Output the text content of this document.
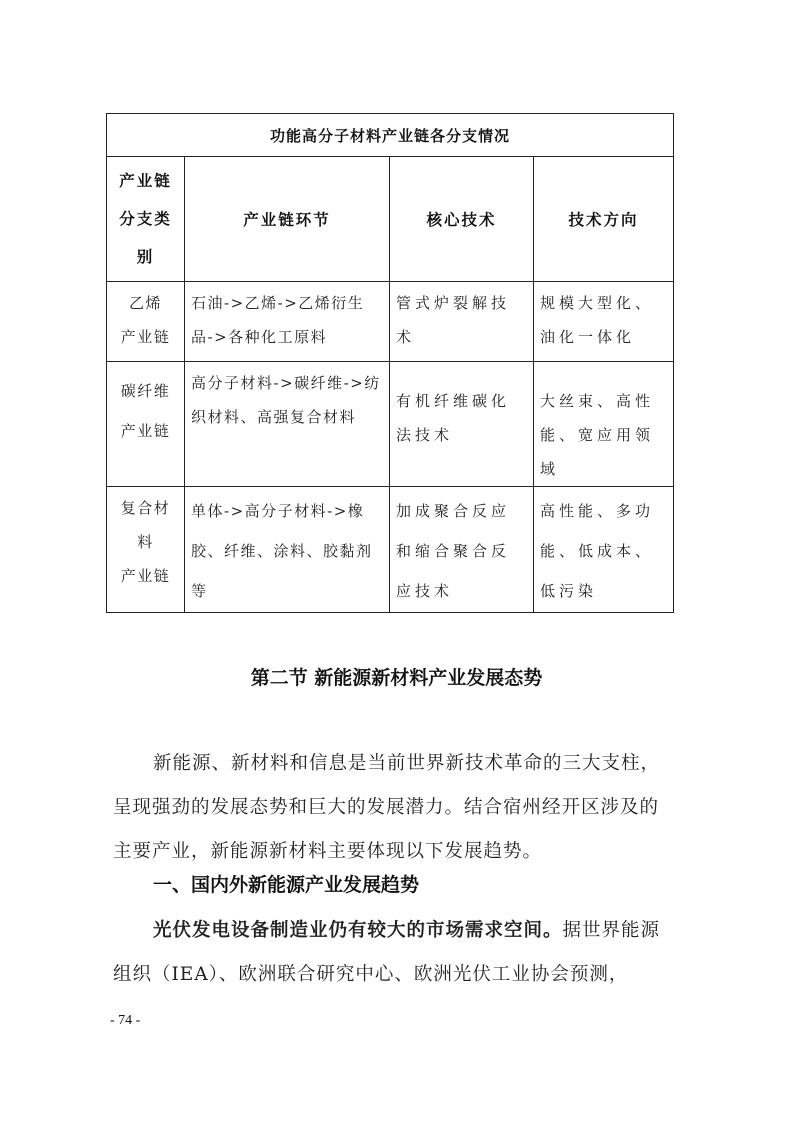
功能高分子材料产业链各分支情况			

产业链
分支类
别	产业链环节	核心技术	技术方向

乙烯
产业链	石油->乙烯->乙烯衍生品->各种化工原料	管式炉裂解技术	规模大型化、油化一体化

碳纤维
产业链	高分子材料->碳纤维->纺织材料、高强复合材料	有机纤维碳化法技术	大丝束、高性能、宽应用领域

复合材
料
产业链	单体->高分子材料->橡胶、纤维、涂料、胶黏剂等	加成聚合反应和缩合聚合反应技术	高性能、多功能、低成本、低污染
第二节 新能源新材料产业发展态势

新能源、新材料和信息是当前世界新技术革命的三大支柱，呈现强劲的发展态势和巨大的发展潜力。结合宿州经开区涉及的主要产业，新能源新材料主要体现以下发展趋势。

一、国内外新能源产业发展趋势

光伏发电设备制造业仍有较大的市场需求空间。据世界能源组织（IEA）、欧洲联合研究中心、欧洲光伏工业协会预测，

- 74 -
